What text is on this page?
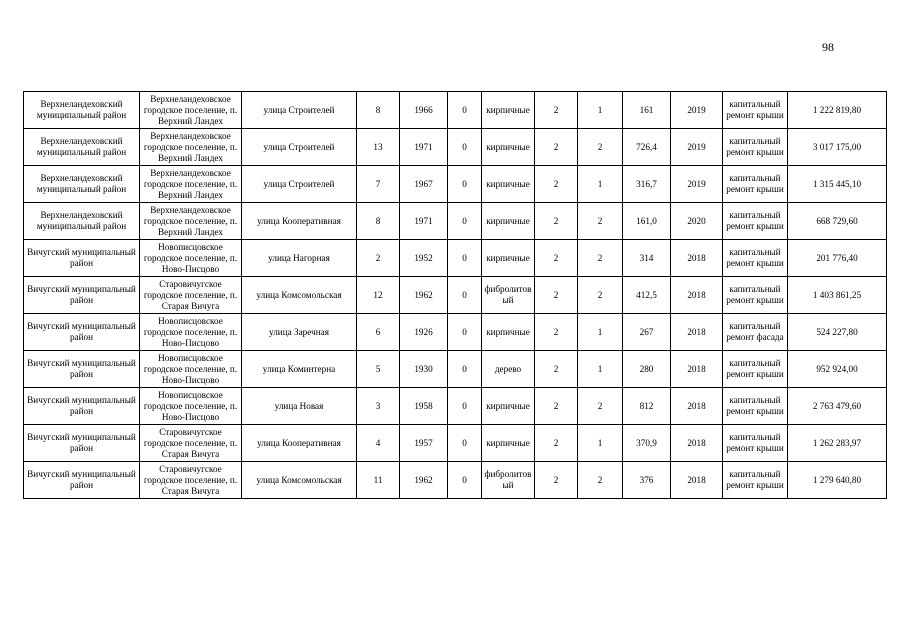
98
Верхнеландеховский муниципальный район	Верхнеландеховское городское поселение, п. Верхний Ландех	улица Строителей	8	1966	0	кирпичные	2	1	161	2019	капитальный ремонт крыши	1 222 819,80
Верхнеландеховский муниципальный район	Верхнеландеховское городское поселение, п. Верхний Ландех	улица Строителей	13	1971	0	кирпичные	2	2	726,4	2019	капитальный ремонт крыши	3 017 175,00
Верхнеландеховский муниципальный район	Верхнеландеховское городское поселение, п. Верхний Ландех	улица Строителей	7	1967	0	кирпичные	2	1	316,7	2019	капитальный ремонт крыши	1 315 445,10
Верхнеландеховский муниципальный район	Верхнеландеховское городское поселение, п. Верхний Ландех	улица Кооперативная	8	1971	0	кирпичные	2	2	161,0	2020	капитальный ремонт крыши	668 729,60
Вичугский муниципальный район	Новописцовское городское поселение, п. Ново-Писцово	улица Нагорная	2	1952	0	кирпичные	2	2	314	2018	капитальный ремонт крыши	201 776,40
Вичугский муниципальный район	Старовичугское городское поселение, п. Старая Вичуга	улица Комсомольская	12	1962	0	фибролитовый	2	2	412,5	2018	капитальный ремонт крыши	1 403 861,25
Вичугский муниципальный район	Новописцовское городское поселение, п. Ново-Писцово	улица Заречная	6	1926	0	кирпичные	2	1	267	2018	капитальный ремонт фасада	524 227,80
Вичугский муниципальный район	Новописцовское городское поселение, п. Ново-Писцово	улица Коминтерна	5	1930	0	дерево	2	1	280	2018	капитальный ремонт крыши	952 924,00
Вичугский муниципальный район	Новописцовское городское поселение, п. Ново-Писцово	улица Новая	3	1958	0	кирпичные	2	2	812	2018	капитальный ремонт крыши	2 763 479,60
Вичугский муниципальный район	Старовичугское городское поселение, п. Старая Вичуга	улица Кооперативная	4	1957	0	кирпичные	2	1	370,9	2018	капитальный ремонт крыши	1 262 283,97
Вичугский муниципальный район	Старовичугское городское поселение, п. Старая Вичуга	улица Комсомольская	11	1962	0	фибролитовый	2	2	376	2018	капитальный ремонт крыши	1 279 640,80
